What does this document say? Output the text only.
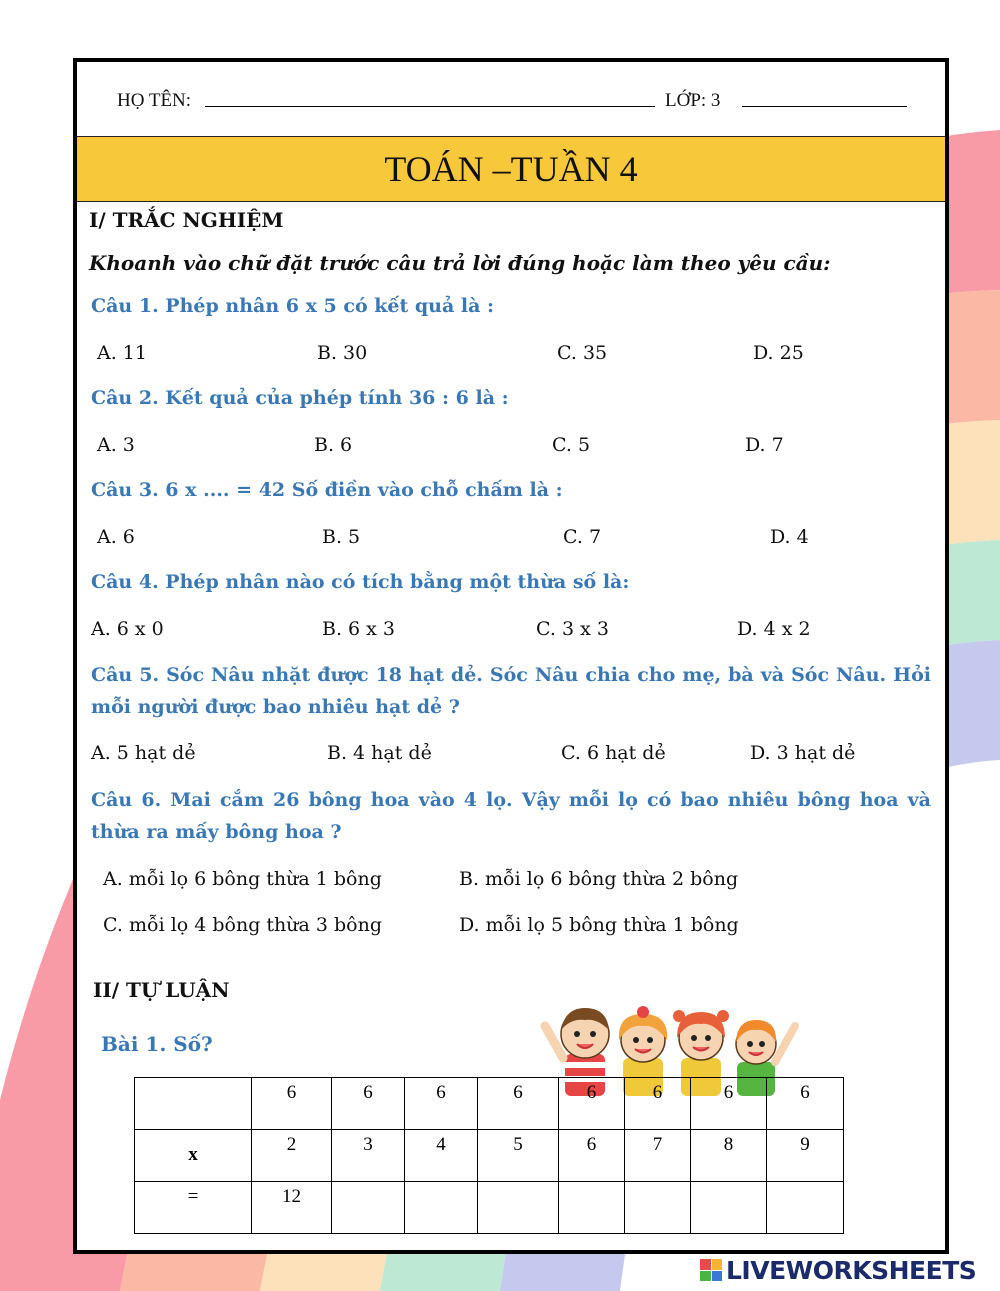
HỌ TÊN:	LỚP: 3
TOÁN –TUẦN 4
I/ TRẮC NGHIỆM
Khoanh vào chữ đặt trước câu trả lời đúng hoặc làm theo yêu cầu:
Câu 1. Phép nhân 6 x 5 có kết quả là :
A. 11	B. 30	C. 35	D. 25
Câu 2. Kết quả của phép tính 36 : 6 là :
A. 3	B. 6	C. 5	D. 7
Câu 3. 6 x .... = 42 Số điền vào chỗ chấm là :
A. 6	B. 5	C. 7	D. 4
Câu 4. Phép nhân nào có tích bằng một thừa số là:
A. 6 x 0	B. 6 x 3	C. 3 x 3	D. 4 x 2
Câu 5. Sóc Nâu nhặt được 18 hạt dẻ. Sóc Nâu chia cho mẹ, bà và Sóc Nâu. Hỏi mỗi người được bao nhiêu hạt dẻ ?
A. 5 hạt dẻ	B. 4 hạt dẻ	C. 6 hạt dẻ	D. 3 hạt dẻ
Câu 6. Mai cắm 26 bông hoa vào 4 lọ. Vậy mỗi lọ có bao nhiêu bông hoa và thừa ra mấy bông hoa ?
A. mỗi lọ 6 bông thừa 1 bông	B. mỗi lọ 6 bông thừa 2 bông
C. mỗi lọ 4 bông thừa 3 bông	D. mỗi lọ 5 bông thừa 1 bông
II/ TỰ LUẬN
Bài 1. Số?
	6	6	6	6	6	6	6	6
x	2	3	4	5	6	7	8	9
=	12							
LIVEWORKSHEETS
